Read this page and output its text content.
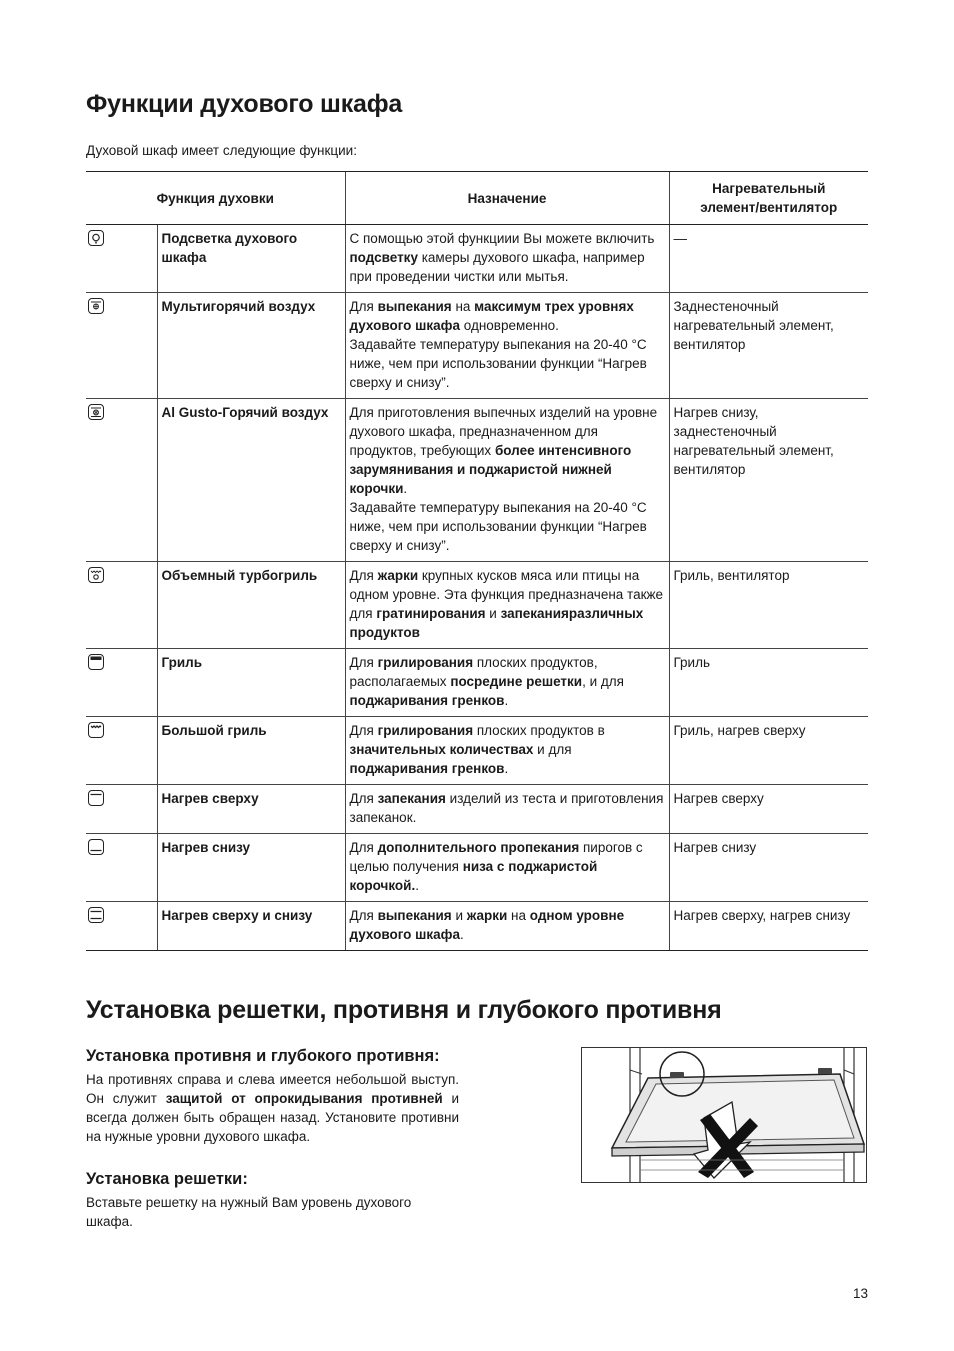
Функции духового шкафа
Духовой шкаф имеет следующие функции:
Функция духовки		Назначение	Нагревательный
элемент/вентилятор

	Подсветка духового шкафа	С помощью этой функциии Вы можете включить подсветку камеры духового шкафа, например при проведении чистки или мытья.	—

	Мультигорячий воздух	Для выпекания на максимум трех уровнях духового шкафа одновременно.
Задавайте температуру выпекания на 20-40 °С ниже, чем при использовании функции “Нагрев сверху и снизу”.	Заднестеночный нагревательный элемент, вентилятор

	Al Gusto-Горячий воздух	Для приготовления выпечных изделий на уровне духового шкафа, предназначенном для продуктов, требующих более интенсивного зарумянивания и поджаристой нижней корочки.
Задавайте температуру выпекания на 20-40 °С ниже, чем при использовании функции “Нагрев сверху и снизу”.	Нагрев снизу, заднестеночный нагревательный элемент, вентилятор

	Объемный турбогриль	Для жарки крупных кусков мяса или птицы на одном уровне. Эта функция предназначена также для гратинирования и запеканияразличных продуктов	Гриль, вентилятор

	Гриль	Для грилирования плоских продуктов, располагаемых посредине решетки, и для поджаривания гренков.	Гриль

	Большой гриль	Для грилирования плоских продуктов в значительных количествах и для поджаривания гренков.	Гриль, нагрев сверху

	Нагрев сверху	Для запекания изделий из теста и приготовления запеканок.	Нагрев сверху

	Нагрев снизу	Для дополнительного пропекания пирогов с целью получения низа с поджаристой корочкой..	Нагрев снизу

	Нагрев сверху и снизу	Для выпекания и жарки на одном уровне духового шкафа.	Нагрев сверху, нагрев снизу
Установка решетки, противня и глубокого противня
Установка противня и глубокого противня:
На противнях справа и слева имеется небольшой выступ. Он служит защитой от опрокидывания противней и всегда должен быть обращен назад. Установите противни на нужные уровни духового шкафа.
Установка решетки:
Вставьте решетку на нужный Вам уровень духового шкафа.
13
